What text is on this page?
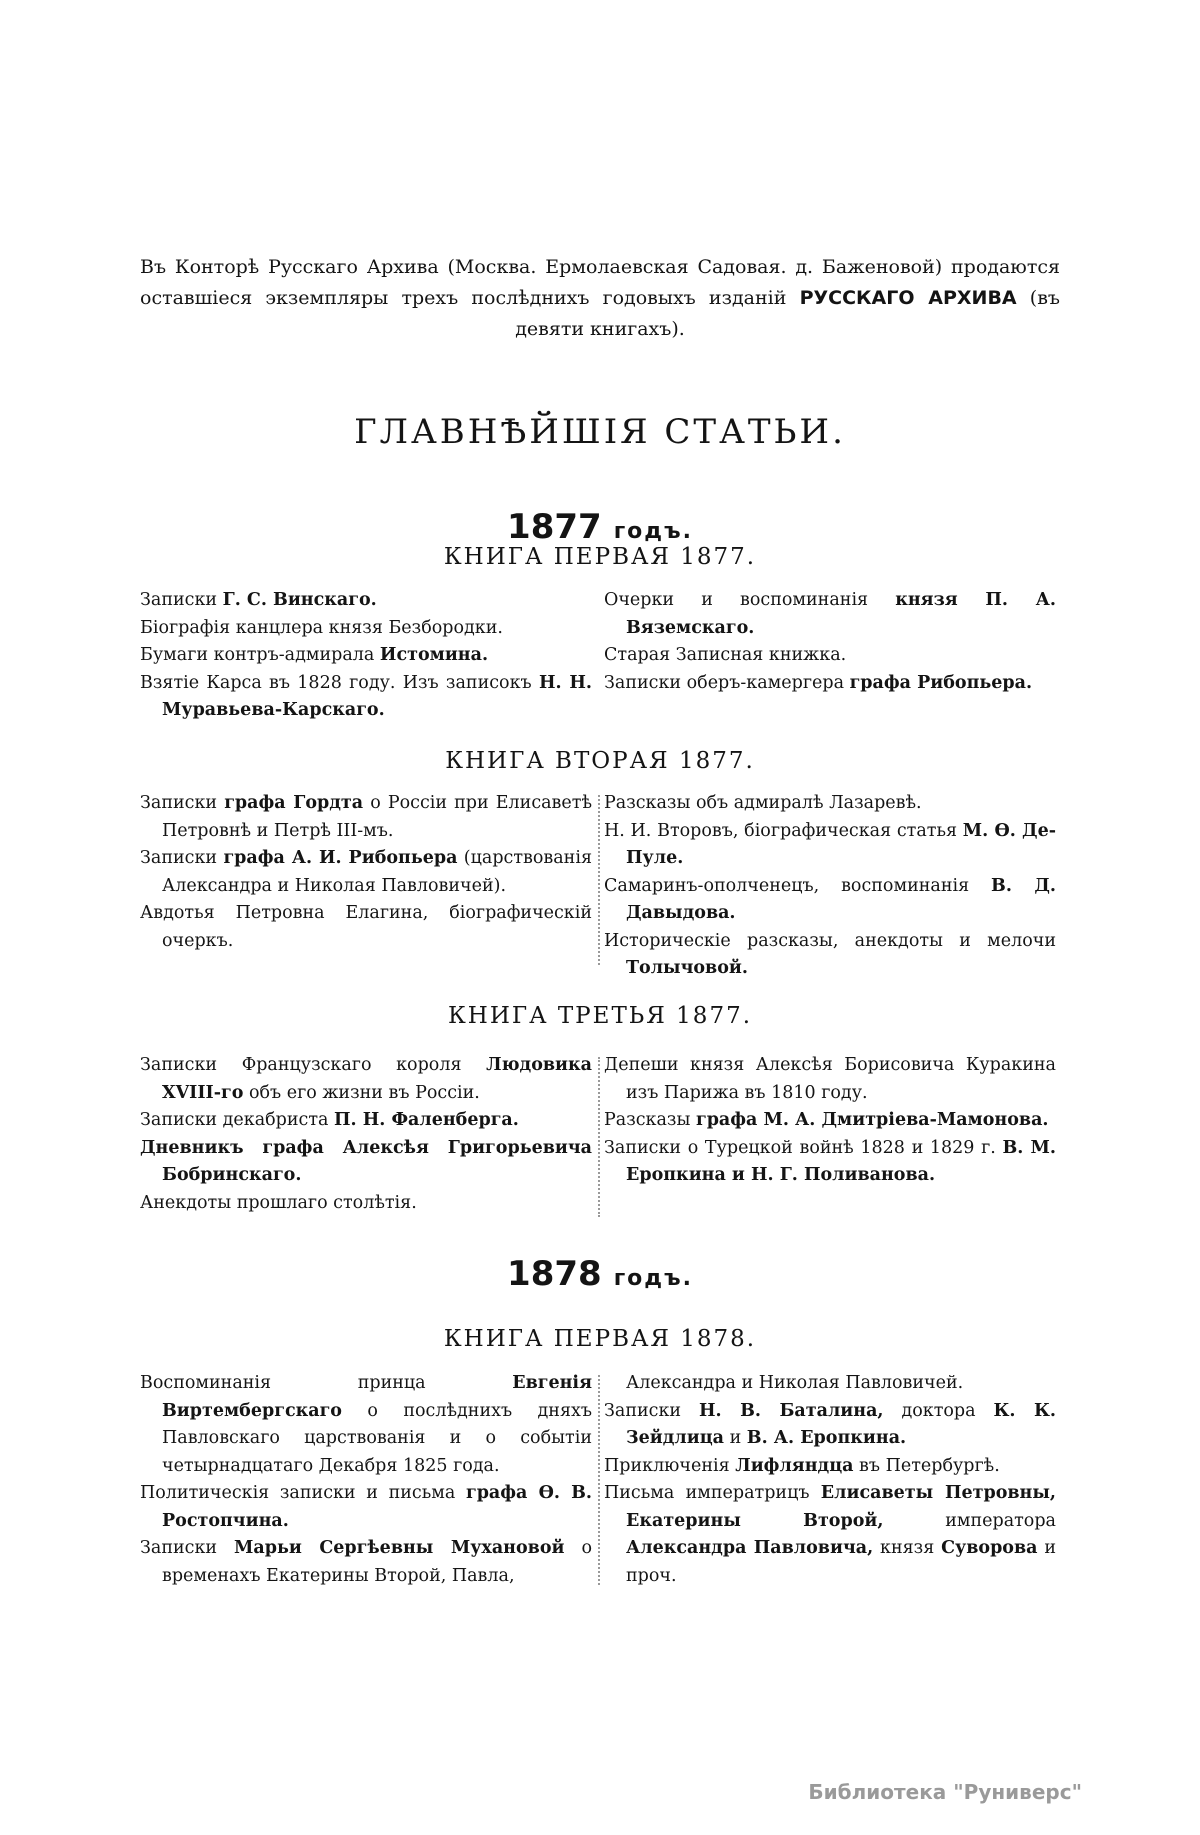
Въ Конторѣ Русскаго Архива (Москва. Ермолаевская Садовая. д. Баженовой) продаются оставшіеся экземпляры трехъ послѣднихъ годовыхъ изданій РУССКАГО АРХИВА (въ девяти книгахъ).
ГЛАВНѢЙШІЯ СТАТЬИ.
1877 годъ.
КНИГА ПЕРВАЯ 1877.
Записки Г. С. Винскаго.
Біографія канцлера князя Безбородки.
Бумаги контръ-адмирала Истомина.
Взятіе Карса въ 1828 году. Изъ записокъ Н. Н. Муравьева-Карскаго.
Очерки и воспоминанія князя П. А. Вяземскаго.
Старая Записная книжка.
Записки оберъ-камергера графа Рибопьера.
КНИГА ВТОРАЯ 1877.
Записки графа Гордта о Россіи при Елисаветѣ Петровнѣ и Петрѣ III-мъ.
Записки графа А. И. Рибопьера (царствованія Александра и Николая Павловичей).
Авдотья Петровна Елагина, біографическій очеркъ.
Разсказы объ адмиралѣ Лазаревѣ.
Н. И. Второвъ, біографическая статья М. Ѳ. Де-Пуле.
Самаринъ-ополченецъ, воспоминанія В. Д. Давыдова.
Историческіе разсказы, анекдоты и мелочи Толычовой.
КНИГА ТРЕТЬЯ 1877.
Записки Французскаго короля Людовика XVIII-го объ его жизни въ Россіи.
Записки декабриста П. Н. Фаленберга.
Дневникъ графа Алексѣя Григорьевича Бобринскаго.
Анекдоты прошлаго столѣтія.
Депеши князя Алексѣя Борисовича Куракина изъ Парижа въ 1810 году.
Разсказы графа М. А. Дмитріева-Мамонова.
Записки о Турецкой войнѣ 1828 и 1829 г. В. М. Еропкина и Н. Г. Поливанова.
1878 годъ.
КНИГА ПЕРВАЯ 1878.
Воспоминанія принца Евгенія Виртембергскаго о послѣднихъ дняхъ Павловскаго царствованія и о событіи четырнадцатаго Декабря 1825 года.
Политическія записки и письма графа Ѳ. В. Ростопчина.
Записки Марьи Сергѣевны Мухановой о временахъ Екатерины Второй, Павла,
Александра и Николая Павловичей.
Записки Н. В. Баталина, доктора К. К. Зейдлица и В. А. Еропкина.
Приключенія Лифляндца въ Петербургѣ.
Письма императрицъ Елисаветы Петровны, Екатерины Второй, императора Александра Павловича, князя Суворова и проч.
Библиотека "Руниверс"
